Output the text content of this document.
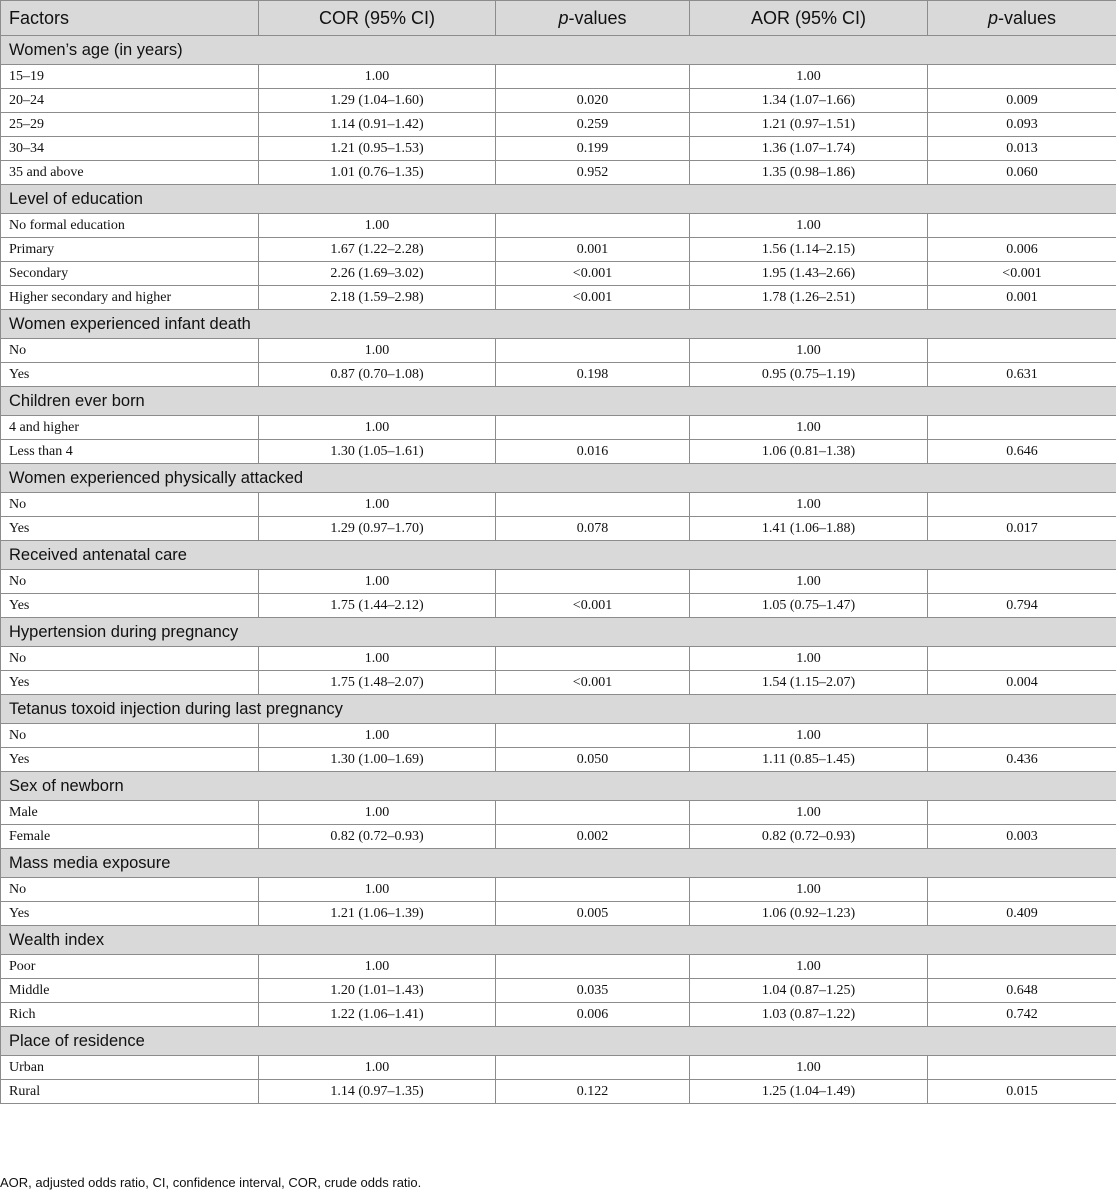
Factors	COR (95% CI)	p-values	AOR (95% CI)	p-values
Women’s age (in years)				
15–19	1.00		1.00	
20–24	1.29 (1.04–1.60)	0.020	1.34 (1.07–1.66)	0.009
25–29	1.14 (0.91–1.42)	0.259	1.21 (0.97–1.51)	0.093
30–34	1.21 (0.95–1.53)	0.199	1.36 (1.07–1.74)	0.013
35 and above	1.01 (0.76–1.35)	0.952	1.35 (0.98–1.86)	0.060
Level of education				
No formal education	1.00		1.00	
Primary	1.67 (1.22–2.28)	0.001	1.56 (1.14–2.15)	0.006
Secondary	2.26 (1.69–3.02)	<0.001	1.95 (1.43–2.66)	<0.001
Higher secondary and higher	2.18 (1.59–2.98)	<0.001	1.78 (1.26–2.51)	0.001
Women experienced infant death				
No	1.00		1.00	
Yes	0.87 (0.70–1.08)	0.198	0.95 (0.75–1.19)	0.631
Children ever born				
4 and higher	1.00		1.00	
Less than 4	1.30 (1.05–1.61)	0.016	1.06 (0.81–1.38)	0.646
Women experienced physically attacked				
No	1.00		1.00	
Yes	1.29 (0.97–1.70)	0.078	1.41 (1.06–1.88)	0.017
Received antenatal care				
No	1.00		1.00	
Yes	1.75 (1.44–2.12)	<0.001	1.05 (0.75–1.47)	0.794
Hypertension during pregnancy				
No	1.00		1.00	
Yes	1.75 (1.48–2.07)	<0.001	1.54 (1.15–2.07)	0.004
Tetanus toxoid injection during last pregnancy				
No	1.00		1.00	
Yes	1.30 (1.00–1.69)	0.050	1.11 (0.85–1.45)	0.436
Sex of newborn				
Male	1.00		1.00	
Female	0.82 (0.72–0.93)	0.002	0.82 (0.72–0.93)	0.003
Mass media exposure				
No	1.00		1.00	
Yes	1.21 (1.06–1.39)	0.005	1.06 (0.92–1.23)	0.409
Wealth index				
Poor	1.00		1.00	
Middle	1.20 (1.01–1.43)	0.035	1.04 (0.87–1.25)	0.648
Rich	1.22 (1.06–1.41)	0.006	1.03 (0.87–1.22)	0.742
Place of residence				
Urban	1.00		1.00	
Rural	1.14 (0.97–1.35)	0.122	1.25 (1.04–1.49)	0.015
AOR, adjusted odds ratio, CI, confidence interval, COR, crude odds ratio.
